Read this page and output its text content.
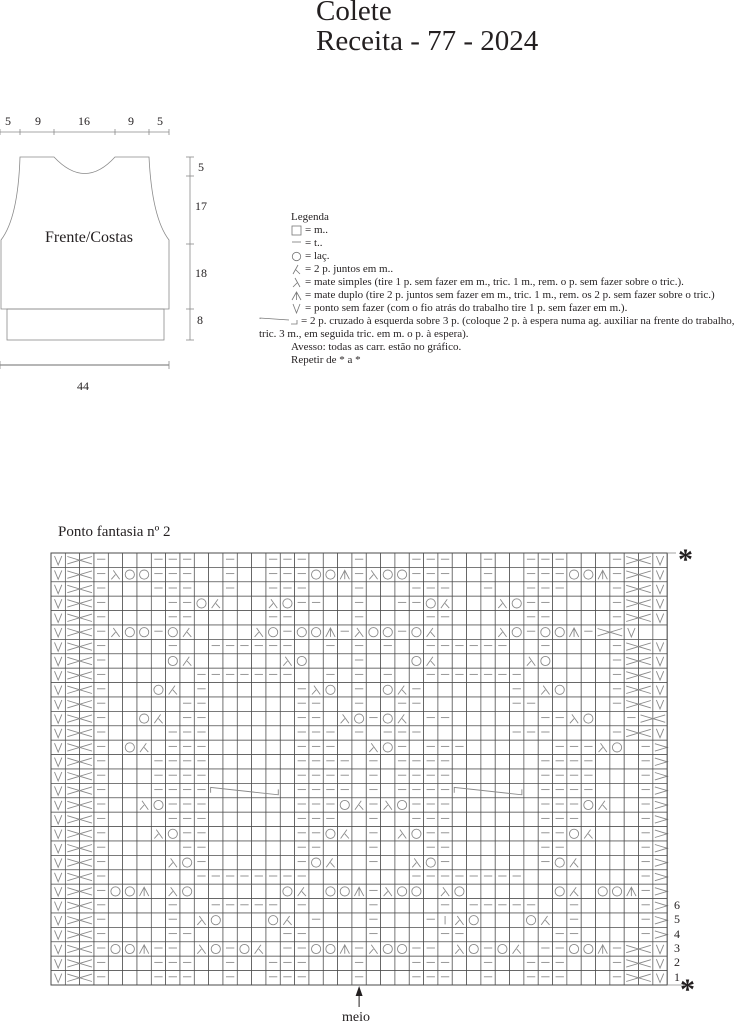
Colete
Receita - 77 - 2024
5 9	16	9 5
5
17
18
8
44
Frente/Costas
Legenda
= m..
= t..
= laç.
= 2 p. juntos em m..
= mate simples (tire 1 p. sem fazer em m., tric. 1 m., rem. o p. sem fazer sobre o tric.).
= mate duplo (tire 2 p. juntos sem fazer em m., tric. 1 m., rem. os 2 p. sem fazer sobre o tric.)
= ponto sem fazer (com o fio atrás do trabalho tire 1 p. sem fazer em m.).
= 2 p. cruzado à esquerda sobre 3 p. (coloque 2 p. à espera numa ag. auxiliar na frente do trabalho, tric. 3 m., em seguida tric. em m. o p. à espera).
Avesso: todas as carr. estão no gráfico.
Repetir de * a *
Ponto fantasia nº 2
*
*
6
5
4
3
2
1
meio
